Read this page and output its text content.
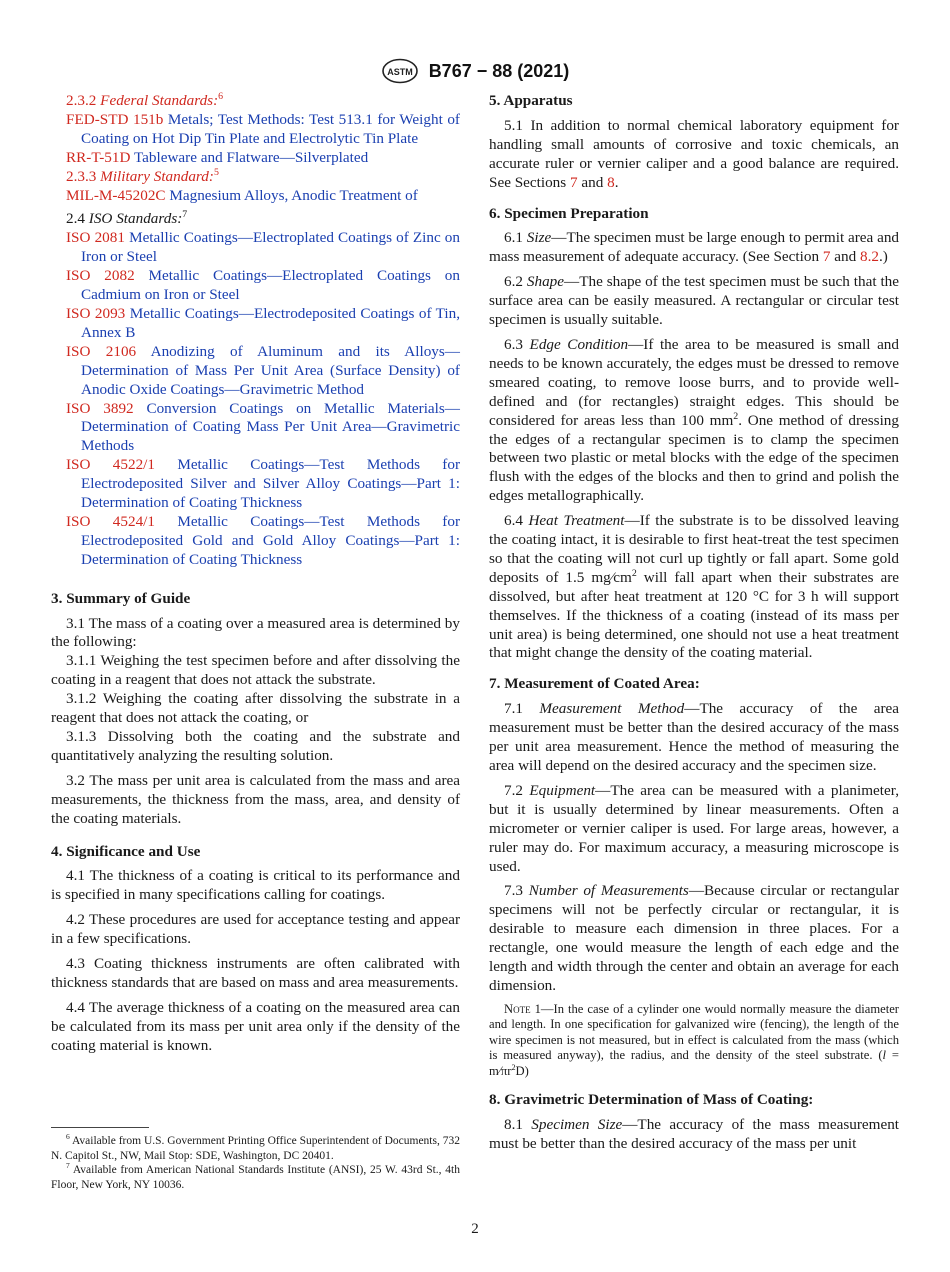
ASTM B767 − 88 (2021)

2.3.2 Federal Standards:$^6$

FED-STD 151b Metals; Test Methods: Test 513.1 for Weight of Coating on Hot Dip Tin Plate and Electrolytic Tin Plate

RR-T-51D Tableware and Flatware—Silverplated

2.3.3 Military Standard:$^5$

MIL-M-45202C Magnesium Alloys, Anodic Treatment of

2.4 ISO Standards:$^7$

ISO 2081 Metallic Coatings—Electroplated Coatings of Zinc on Iron or Steel

ISO 2082 Metallic Coatings—Electroplated Coatings on Cadmium on Iron or Steel

ISO 2093 Metallic Coatings—Electrodeposited Coatings of Tin, Annex B

ISO 2106 Anodizing of Aluminum and its Alloys—Determination of Mass Per Unit Area (Surface Density) of Anodic Oxide Coatings—Gravimetric Method

ISO 3892 Conversion Coatings on Metallic Materials—Determination of Coating Mass Per Unit Area—Gravimetric Methods

ISO 4522/1 Metallic Coatings—Test Methods for Electrodeposited Silver and Silver Alloy Coatings—Part 1: Determination of Coating Thickness

ISO 4524/1 Metallic Coatings—Test Methods for Electrodeposited Gold and Gold Alloy Coatings—Part 1: Determination of Coating Thickness

3. Summary of Guide

3.1 The mass of a coating over a measured area is determined by the following:

3.1.1 Weighing the test specimen before and after dissolving the coating in a reagent that does not attack the substrate.

3.1.2 Weighing the coating after dissolving the substrate in a reagent that does not attack the coating, or

3.1.3 Dissolving both the coating and the substrate and quantitatively analyzing the resulting solution.

3.2 The mass per unit area is calculated from the mass and area measurements, the thickness from the mass, area, and density of the coating materials.

4. Significance and Use

4.1 The thickness of a coating is critical to its performance and is specified in many specifications calling for coatings.

4.2 These procedures are used for acceptance testing and appear in a few specifications.

4.3 Coating thickness instruments are often calibrated with thickness standards that are based on mass and area measurements.

4.4 The average thickness of a coating on the measured area can be calculated from its mass per unit area only if the density of the coating material is known.

$^6$ Available from U.S. Government Printing Office Superintendent of Documents, 732 N. Capitol St., NW, Mail Stop: SDE, Washington, DC 20401.

$^7$ Available from American National Standards Institute (ANSI), 25 W. 43rd St., 4th Floor, New York, NY 10036.

5. Apparatus

5.1 In addition to normal chemical laboratory equipment for handling small amounts of corrosive and toxic chemicals, an accurate ruler or vernier caliper and a good balance are required. See Sections 7 and 8.

6. Specimen Preparation

6.1 Size—The specimen must be large enough to permit area and mass measurement of adequate accuracy. (See Section 7 and 8.2.)

6.2 Shape—The shape of the test specimen must be such that the surface area can be easily measured. A rectangular or circular test specimen is usually suitable.

6.3 Edge Condition—If the area to be measured is small and needs to be known accurately, the edges must be dressed to remove smeared coating, to remove loose burrs, and to provide well-defined and (for rectangles) straight edges. This should be considered for areas less than 100 $mm^2$. One method of dressing the edges of a rectangular specimen is to clamp the specimen between two plastic or metal blocks with the edge of the specimen flush with the edges of the blocks and then to grind and polish the edges metallographically.

6.4 Heat Treatment—If the substrate is to be dissolved leaving the coating intact, it is desirable to first heat-treat the test specimen so that the coating will not curl up tightly or fall apart. Some gold deposits of 1.5 $mg⁄cm^2$ will fall apart when their substrates are dissolved, but after heat treatment at 120 °C for 3 h will support themselves. If the thickness of a coating (instead of its mass per unit area) is being determined, one should not use a heat treatment that might change the density of the coating material.

7. Measurement of Coated Area:

7.1 Measurement Method—The accuracy of the area measurement must be better than the desired accuracy of the mass per unit area measurement. Hence the method of measuring the area will depend on the desired accuracy and the specimen size.

7.2 Equipment—The area can be measured with a planimeter, but it is usually determined by linear measurements. Often a micrometer or vernier caliper is used. For large areas, however, a ruler may do. For maximum accuracy, a measuring microscope is used.

7.3 Number of Measurements—Because circular or rectangular specimens will not be perfectly circular or rectangular, it is desirable to measure each dimension in three places. For a rectangle, one would measure the length of each edge and the length and width through the center and obtain an average for each dimension.

Note 1—In the case of a cylinder one would normally measure the diameter and length. In one specification for galvanized wire (fencing), the length of the wire specimen is not measured, but in effect is calculated from the mass (which is measured anyway), the radius, and the density of the steel substrate. $(l = m⁄\pi r^2D)$

8. Gravimetric Determination of Mass of Coating:

8.1 Specimen Size—The accuracy of the mass measurement must be better than the desired accuracy of the mass per unit

2
